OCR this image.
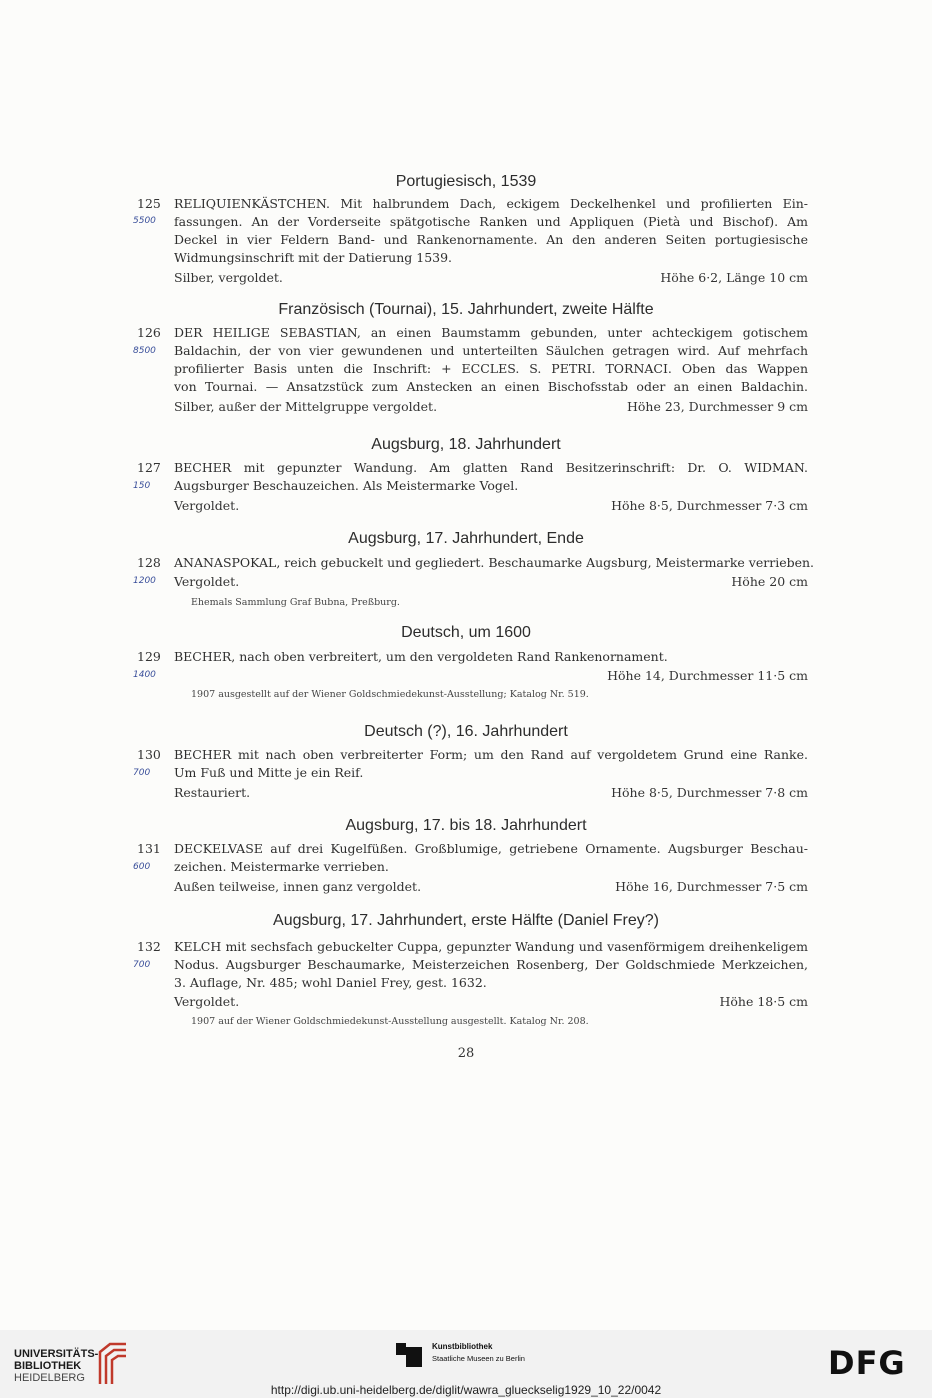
Portugiesisch, 1539
125
5500
RELIQUIENKÄSTCHEN. Mit halbrundem Dach, eckigem Deckelhenkel und profilierten Ein-
fassungen. An der Vorderseite spätgotische Ranken und Appliquen (Pietà und Bischof). Am
Deckel in vier Feldern Band- und Rankenornamente. An den anderen Seiten portugiesische
Widmungsinschrift mit der Datierung 1539.
Silber, vergoldet.	Höhe 6·2, Länge 10 cm
Französisch (Tournai), 15. Jahrhundert, zweite Hälfte
126
8500
DER HEILIGE SEBASTIAN, an einen Baumstamm gebunden, unter achteckigem gotischem
Baldachin, der von vier gewundenen und unterteilten Säulchen getragen wird. Auf mehrfach
profilierter Basis unten die Inschrift: + ECCLES. S. PETRI. TORNACI. Oben das Wappen
von Tournai. — Ansatzstück zum Anstecken an einen Bischofsstab oder an einen Baldachin.
Silber, außer der Mittelgruppe vergoldet.	Höhe 23, Durchmesser 9 cm
Augsburg, 18. Jahrhundert
127
150
BECHER mit gepunzter Wandung. Am glatten Rand Besitzerinschrift: Dr. O. WIDMAN.
Augsburger Beschauzeichen. Als Meistermarke Vogel.
Vergoldet.	Höhe 8·5, Durchmesser 7·3 cm
Augsburg, 17. Jahrhundert, Ende
128
1200
ANANASPOKAL, reich gebuckelt und gegliedert. Beschaumarke Augsburg, Meistermarke verrieben.
Vergoldet.	Höhe 20 cm
Ehemals Sammlung Graf Bubna, Preßburg.
Deutsch, um 1600
129
1400
BECHER, nach oben verbreitert, um den vergoldeten Rand Rankenornament.
Höhe 14, Durchmesser 11·5 cm
1907 ausgestellt auf der Wiener Goldschmiedekunst-Ausstellung; Katalog Nr. 519.
Deutsch (?), 16. Jahrhundert
130
700
BECHER mit nach oben verbreiterter Form; um den Rand auf vergoldetem Grund eine Ranke.
Um Fuß und Mitte je ein Reif.
Restauriert.	Höhe 8·5, Durchmesser 7·8 cm
Augsburg, 17. bis 18. Jahrhundert
131
600
DECKELVASE auf drei Kugelfüßen. Großblumige, getriebene Ornamente. Augsburger Beschau-
zeichen. Meistermarke verrieben.
Außen teilweise, innen ganz vergoldet.	Höhe 16, Durchmesser 7·5 cm
Augsburg, 17. Jahrhundert, erste Hälfte (Daniel Frey?)
132
700
KELCH mit sechsfach gebuckelter Cuppa, gepunzter Wandung und vasenförmigem dreihenkeligem
Nodus. Augsburger Beschaumarke, Meisterzeichen Rosenberg, Der Goldschmiede Merkzeichen,
3. Auflage, Nr. 485; wohl Daniel Frey, gest. 1632.
Vergoldet.	Höhe 18·5 cm
1907 auf der Wiener Goldschmiedekunst-Ausstellung ausgestellt. Katalog Nr. 208.
28
UNIVERSITÄTS-
BIBLIOTHEK
HEIDELBERG
Kunstbibliothek
Staatliche Museen zu Berlin	DFG
http://digi.ub.uni-heidelberg.de/diglit/wawra_glueckselig1929_10_22/0042
